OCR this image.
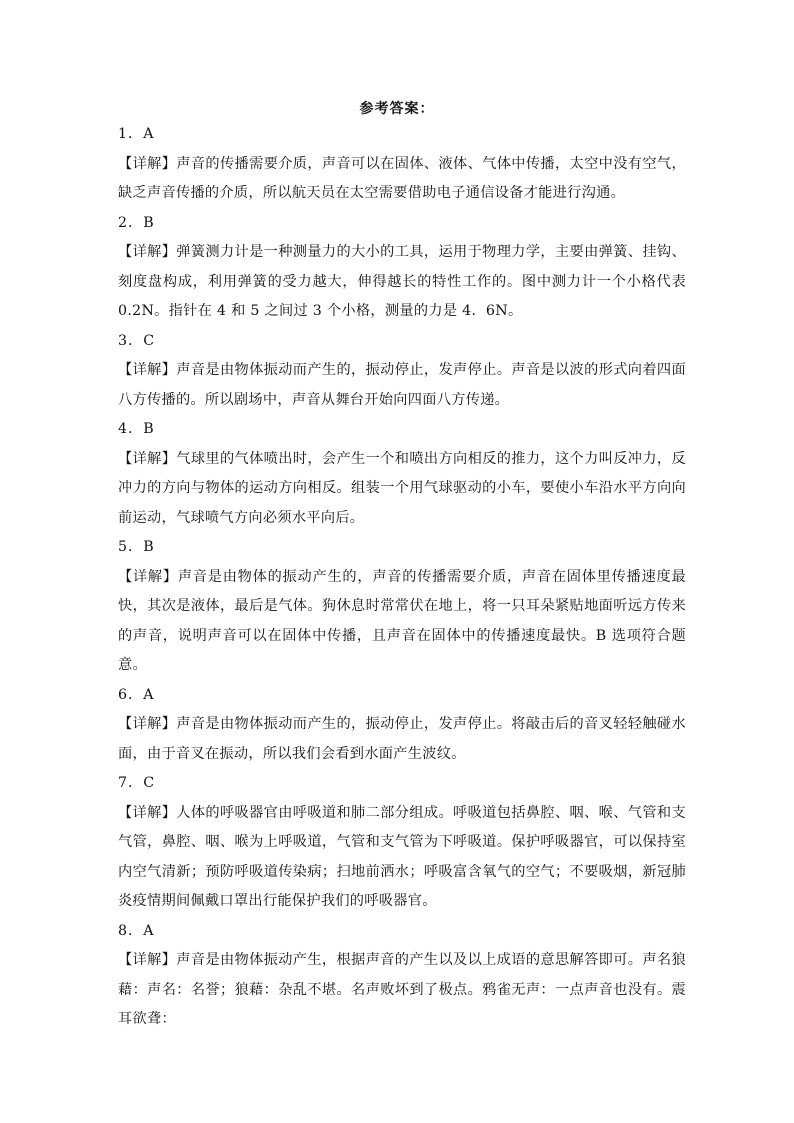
参考答案：
1．A
【详解】声音的传播需要介质，声音可以在固体、液体、气体中传播，太空中没有空气，缺乏声音传播的介质，所以航天员在太空需要借助电子通信设备才能进行沟通。
2．B
【详解】弹簧测力计是一种测量力的大小的工具，运用于物理力学，主要由弹簧、挂钩、刻度盘构成，利用弹簧的受力越大，伸得越长的特性工作的。图中测力计一个小格代表 0.2N。指针在 4 和 5 之间过 3 个小格，测量的力是 4．6N。
3．C
【详解】声音是由物体振动而产生的，振动停止，发声停止。声音是以波的形式向着四面八方传播的。所以剧场中，声音从舞台开始向四面八方传递。
4．B
【详解】气球里的气体喷出时，会产生一个和喷出方向相反的推力，这个力叫反冲力，反冲力的方向与物体的运动方向相反。组装一个用气球驱动的小车，要使小车沿水平方向向前运动，气球喷气方向必须水平向后。
5．B
【详解】声音是由物体的振动产生的，声音的传播需要介质，声音在固体里传播速度最快，其次是液体，最后是气体。狗休息时常常伏在地上，将一只耳朵紧贴地面听远方传来的声音，说明声音可以在固体中传播，且声音在固体中的传播速度最快。B 选项符合题意。
6．A
【详解】声音是由物体振动而产生的，振动停止，发声停止。将敲击后的音叉轻轻触碰水面，由于音叉在振动，所以我们会看到水面产生波纹。
7．C
【详解】人体的呼吸器官由呼吸道和肺二部分组成。呼吸道包括鼻腔、咽、喉、气管和支气管，鼻腔、咽、喉为上呼吸道，气管和支气管为下呼吸道。保护呼吸器官，可以保持室内空气清新；预防呼吸道传染病；扫地前洒水；呼吸富含氧气的空气；不要吸烟，新冠肺炎疫情期间佩戴口罩出行能保护我们的呼吸器官。
8．A
【详解】声音是由物体振动产生，根据声音的产生以及以上成语的意思解答即可。声名狼藉：声名：名誉；狼藉：杂乱不堪。名声败坏到了极点。鸦雀无声：一点声音也没有。震耳欲聋：
